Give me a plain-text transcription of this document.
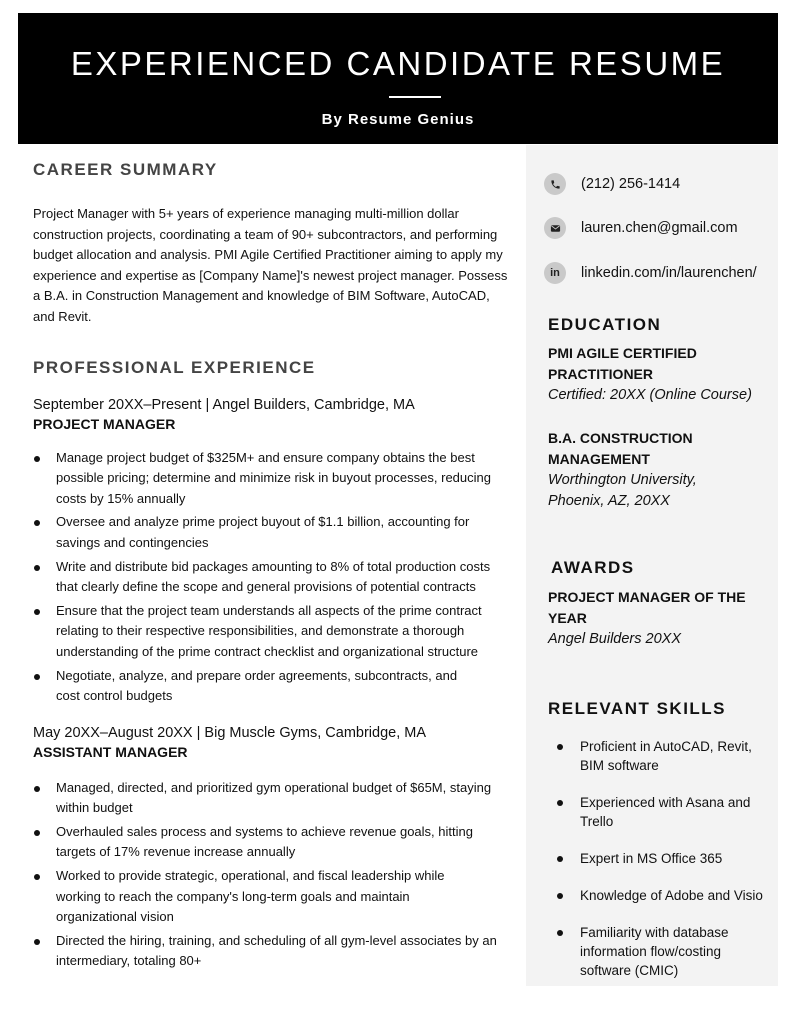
EXPERIENCED CANDIDATE RESUME
By Resume Genius
CAREER SUMMARY

Project Manager with 5+ years of experience managing multi-million dollar construction projects, coordinating a team of 90+ subcontractors, and performing budget allocation and analysis. PMI Agile Certified Practitioner aiming to apply my experience and expertise as [Company Name]'s newest project manager. Possess a B.A. in Construction Management and knowledge of BIM Software, AutoCAD, and Revit.

PROFESSIONAL EXPERIENCE
September 20XX–Present | Angel Builders, Cambridge, MA
PROJECT MANAGER
Manage project budget of $325M+ and ensure company obtains the best possible pricing; determine and minimize risk in buyout processes, reducing costs by 15% annually
Oversee and analyze prime project buyout of $1.1 billion, accounting for savings and contingencies
Write and distribute bid packages amounting to 8% of total production costs that clearly define the scope and general provisions of potential contracts
Ensure that the project team understands all aspects of the prime contract relating to their respective responsibilities, and demonstrate a thorough understanding of the prime contract checklist and organizational structure
Negotiate, analyze, and prepare order agreements, subcontracts, and cost control budgets
May 20XX–August 20XX | Big Muscle Gyms, Cambridge, MA
ASSISTANT MANAGER
Managed, directed, and prioritized gym operational budget of $65M, staying within budget
Overhauled sales process and systems to achieve revenue goals, hitting targets of 17% revenue increase annually
Worked to provide strategic, operational, and fiscal leadership while working to reach the company's long-term goals and maintain organizational vision
Directed the hiring, training, and scheduling of all gym-level associates by an intermediary, totaling 80+
(212) 256-1414
lauren.chen@gmail.com
in	linkedin.com/in/laurenchen/
EDUCATION
PMI AGILE CERTIFIED
PRACTITIONER
Certified: 20XX (Online Course)
B.A. CONSTRUCTION
MANAGEMENT
Worthington University,
Phoenix, AZ, 20XX
AWARDS
PROJECT MANAGER OF THE
YEAR
Angel Builders 20XX
RELEVANT SKILLS
Proficient in AutoCAD, Revit, BIM software
Experienced with Asana and Trello
Expert in MS Office 365
Knowledge of Adobe and Visio
Familiarity with database information flow/costing software (CMIC)
